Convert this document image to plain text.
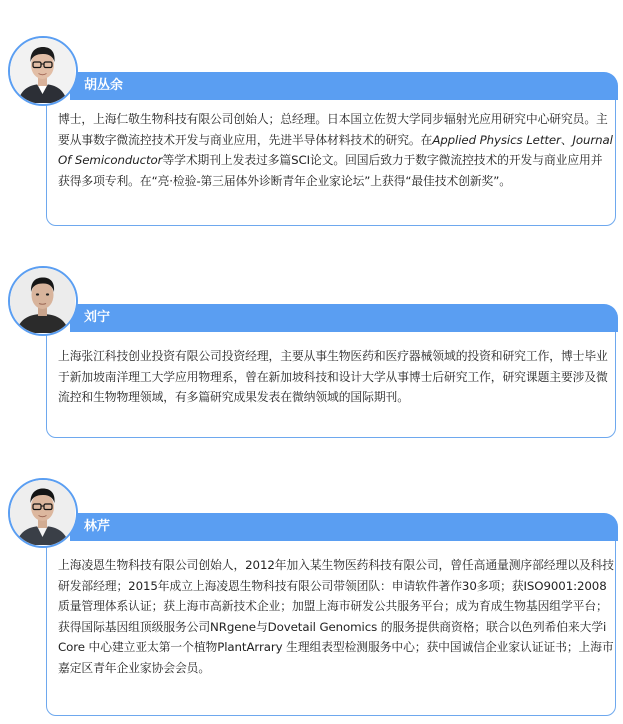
胡丛余

博士，上海仁敬生物科技有限公司创始人；总经理。日本国立佐贺大学同步辐射光应用研究中心研究员。主要从事数字微流控技术开发与商业应用，先进半导体材料技术的研究。在Applied Physics Letter、Journal Of Semiconductor等学术期刊上发表过多篇SCI论文。回国后致力于数字微流控技术的开发与商业应用并获得多项专利。在“亮·检验-第三届体外诊断青年企业家论坛”上获得“最佳技术创新奖”。

刘宁

上海张江科技创业投资有限公司投资经理，主要从事生物医药和医疗器械领域的投资和研究工作，博士毕业于新加坡南洋理工大学应用物理系，曾在新加坡科技和设计大学从事博士后研究工作，研究课题主要涉及微流控和生物物理领域，有多篇研究成果发表在微纳领域的国际期刊。

林芹

上海凌恩生物科技有限公司创始人，2012年加入某生物医药科技有限公司，曾任高通量测序部经理以及科技研发部经理；2015年成立上海凌恩生物科技有限公司带领团队：申请软件著作30多项；获ISO9001:2008 质量管理体系认证；获上海市高新技术企业；加盟上海市研发公共服务平台；成为育成生物基因组学平台；获得国际基因组顶级服务公司NRgene与Dovetail Genomics 的服务提供商资格；联合以色列希伯来大学iCore 中心建立亚太第一个植物PlantArrary 生理组表型检测服务中心；获中国诚信企业家认证证书；上海市嘉定区青年企业家协会会员。
